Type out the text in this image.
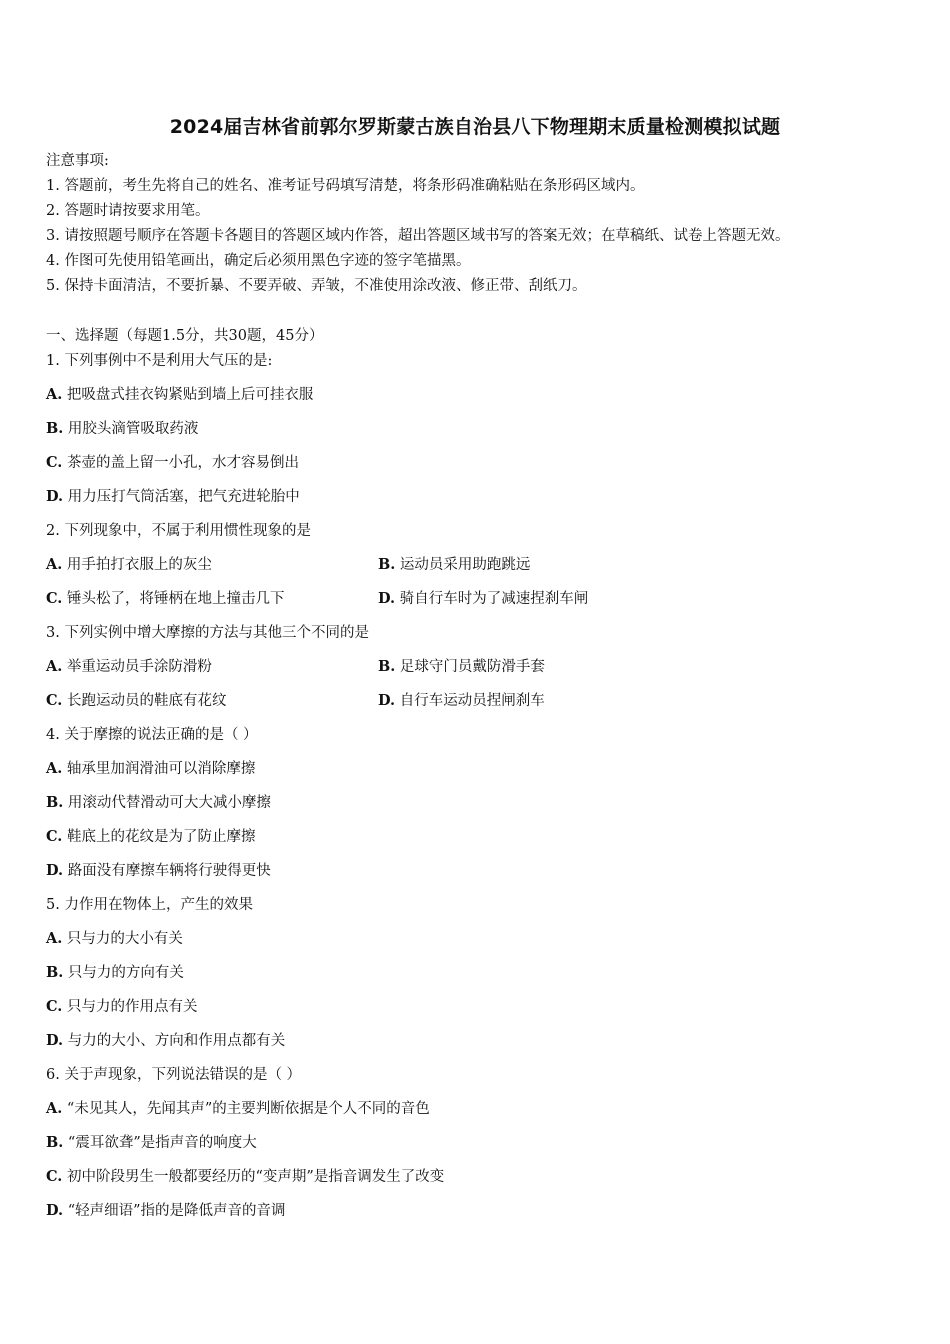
2024届吉林省前郭尔罗斯蒙古族自治县八下物理期末质量检测模拟试题
注意事项:
1. 答题前，考生先将自己的姓名、准考证号码填写清楚，将条形码准确粘贴在条形码区域内。
2. 答题时请按要求用笔。
3. 请按照题号顺序在答题卡各题目的答题区域内作答，超出答题区域书写的答案无效；在草稿纸、试卷上答题无效。
4. 作图可先使用铅笔画出，确定后必须用黑色字迹的签字笔描黑。
5. 保持卡面清洁，不要折暴、不要弄破、弄皱，不准使用涂改液、修正带、刮纸刀。
一、选择题（每题1.5分，共30题，45分）
1. 下列事例中不是利用大气压的是:
A. 把吸盘式挂衣钩紧贴到墙上后可挂衣服
B. 用胶头滴管吸取药液
C. 茶壶的盖上留一小孔，水才容易倒出
D. 用力压打气筒活塞，把气充进轮胎中
2. 下列现象中，不属于利用惯性现象的是
A. 用手拍打衣服上的灰尘	B. 运动员采用助跑跳远
C. 锤头松了，将锤柄在地上撞击几下	D. 骑自行车时为了减速捏刹车闸
3. 下列实例中增大摩擦的方法与其他三个不同的是
A. 举重运动员手涂防滑粉	B. 足球守门员戴防滑手套
C. 长跑运动员的鞋底有花纹	D. 自行车运动员捏闸刹车
4. 关于摩擦的说法正确的是（ ）
A. 轴承里加润滑油可以消除摩擦
B. 用滚动代替滑动可大大减小摩擦
C. 鞋底上的花纹是为了防止摩擦
D. 路面没有摩擦车辆将行驶得更快
5. 力作用在物体上，产生的效果
A. 只与力的大小有关
B. 只与力的方向有关
C. 只与力的作用点有关
D. 与力的大小、方向和作用点都有关
6. 关于声现象，下列说法错误的是（ ）
A. “未见其人，先闻其声”的主要判断依据是个人不同的音色
B. “震耳欲聋”是指声音的响度大
C. 初中阶段男生一般都要经历的“变声期”是指音调发生了改变
D. “轻声细语”指的是降低声音的音调
